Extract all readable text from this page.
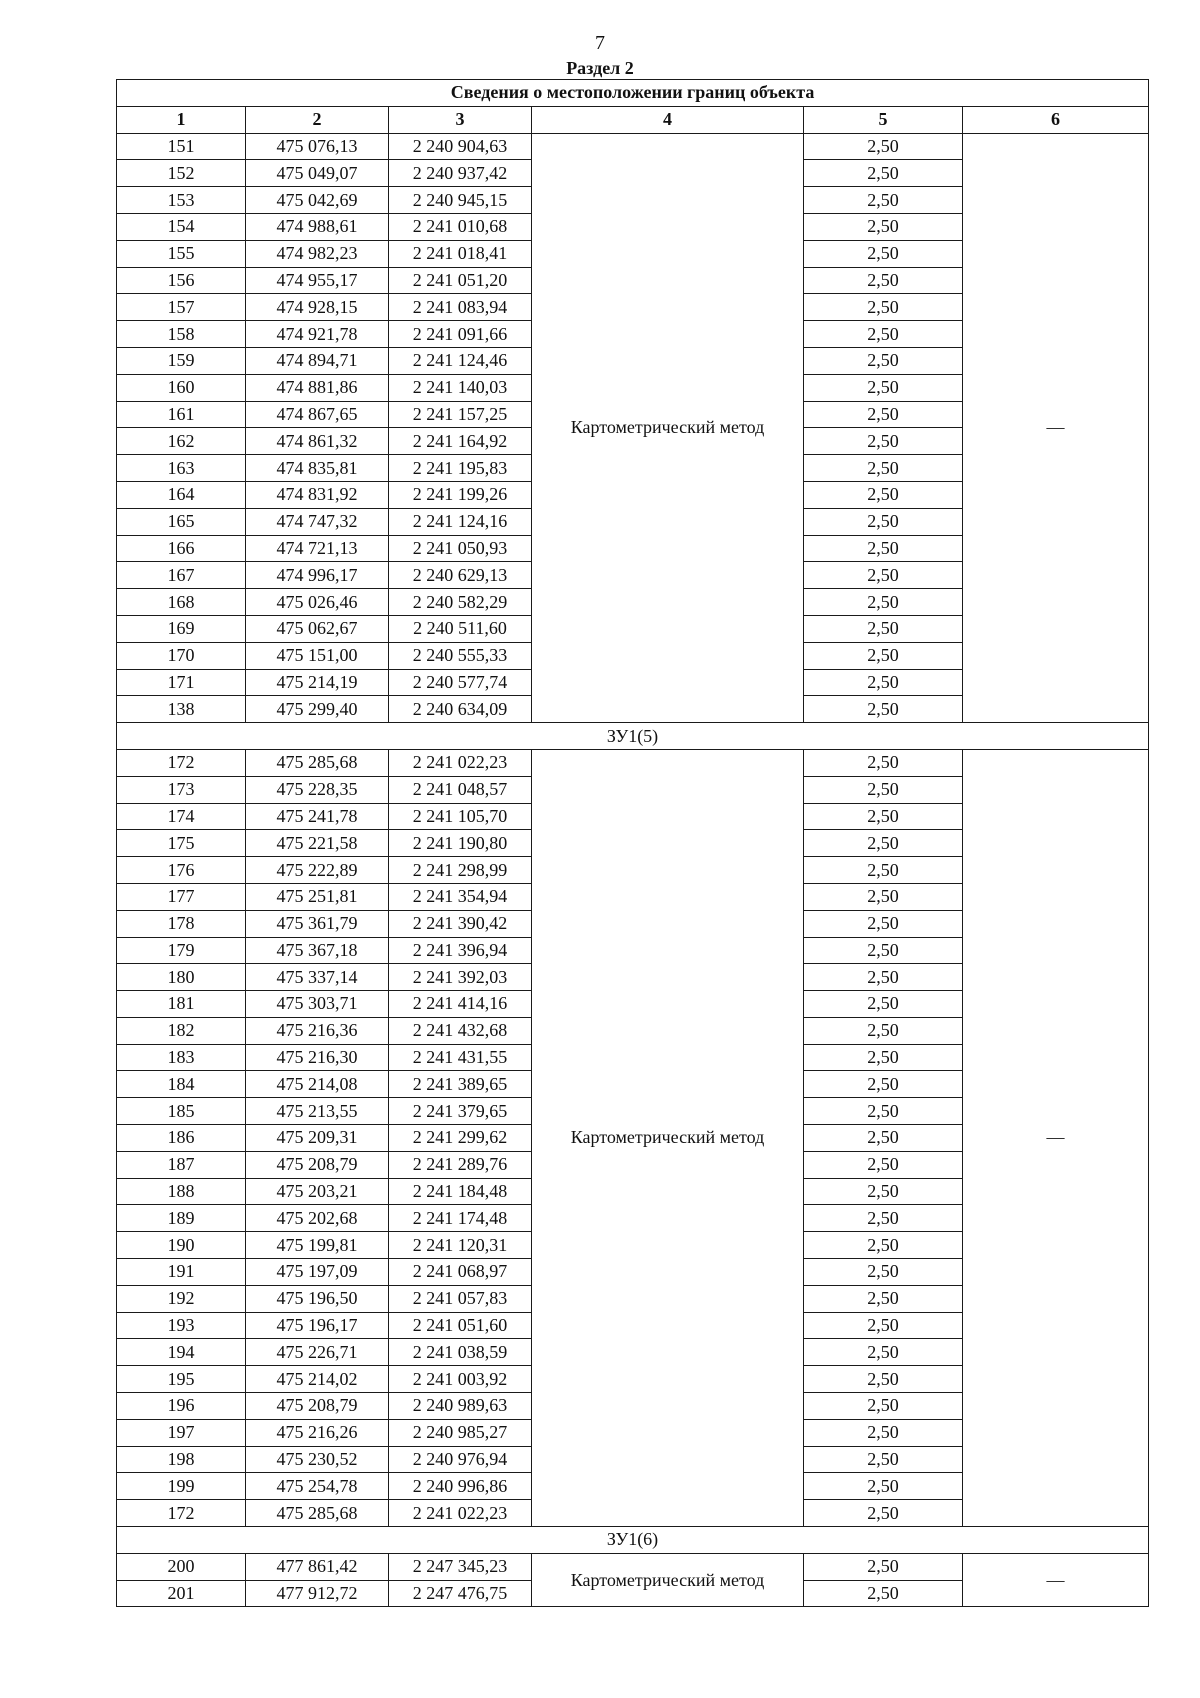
7
Раздел 2
Сведения о местоположении границ объекта					
1	2	3	4	5	6
151	475 076,13	2 240 904,63	Картометрический метод	2,50	—
152	475 049,07	2 240 937,42		2,50	
153	475 042,69	2 240 945,15		2,50	
154	474 988,61	2 241 010,68		2,50	
155	474 982,23	2 241 018,41		2,50	
156	474 955,17	2 241 051,20		2,50	
157	474 928,15	2 241 083,94		2,50	
158	474 921,78	2 241 091,66		2,50	
159	474 894,71	2 241 124,46		2,50	
160	474 881,86	2 241 140,03		2,50	
161	474 867,65	2 241 157,25		2,50	
162	474 861,32	2 241 164,92		2,50	
163	474 835,81	2 241 195,83		2,50	
164	474 831,92	2 241 199,26		2,50	
165	474 747,32	2 241 124,16		2,50	
166	474 721,13	2 241 050,93		2,50	
167	474 996,17	2 240 629,13		2,50	
168	475 026,46	2 240 582,29		2,50	
169	475 062,67	2 240 511,60		2,50	
170	475 151,00	2 240 555,33		2,50	
171	475 214,19	2 240 577,74		2,50	
138	475 299,40	2 240 634,09		2,50	
ЗУ1(5)					
172	475 285,68	2 241 022,23	Картометрический метод	2,50	—
173	475 228,35	2 241 048,57		2,50	
174	475 241,78	2 241 105,70		2,50	
175	475 221,58	2 241 190,80		2,50	
176	475 222,89	2 241 298,99		2,50	
177	475 251,81	2 241 354,94		2,50	
178	475 361,79	2 241 390,42		2,50	
179	475 367,18	2 241 396,94		2,50	
180	475 337,14	2 241 392,03		2,50	
181	475 303,71	2 241 414,16		2,50	
182	475 216,36	2 241 432,68		2,50	
183	475 216,30	2 241 431,55		2,50	
184	475 214,08	2 241 389,65		2,50	
185	475 213,55	2 241 379,65		2,50	
186	475 209,31	2 241 299,62		2,50	
187	475 208,79	2 241 289,76		2,50	
188	475 203,21	2 241 184,48		2,50	
189	475 202,68	2 241 174,48		2,50	
190	475 199,81	2 241 120,31		2,50	
191	475 197,09	2 241 068,97		2,50	
192	475 196,50	2 241 057,83		2,50	
193	475 196,17	2 241 051,60		2,50	
194	475 226,71	2 241 038,59		2,50	
195	475 214,02	2 241 003,92		2,50	
196	475 208,79	2 240 989,63		2,50	
197	475 216,26	2 240 985,27		2,50	
198	475 230,52	2 240 976,94		2,50	
199	475 254,78	2 240 996,86		2,50	
172	475 285,68	2 241 022,23		2,50	
ЗУ1(6)					
200	477 861,42	2 247 345,23	Картометрический метод	2,50	—
201	477 912,72	2 247 476,75		2,50	
